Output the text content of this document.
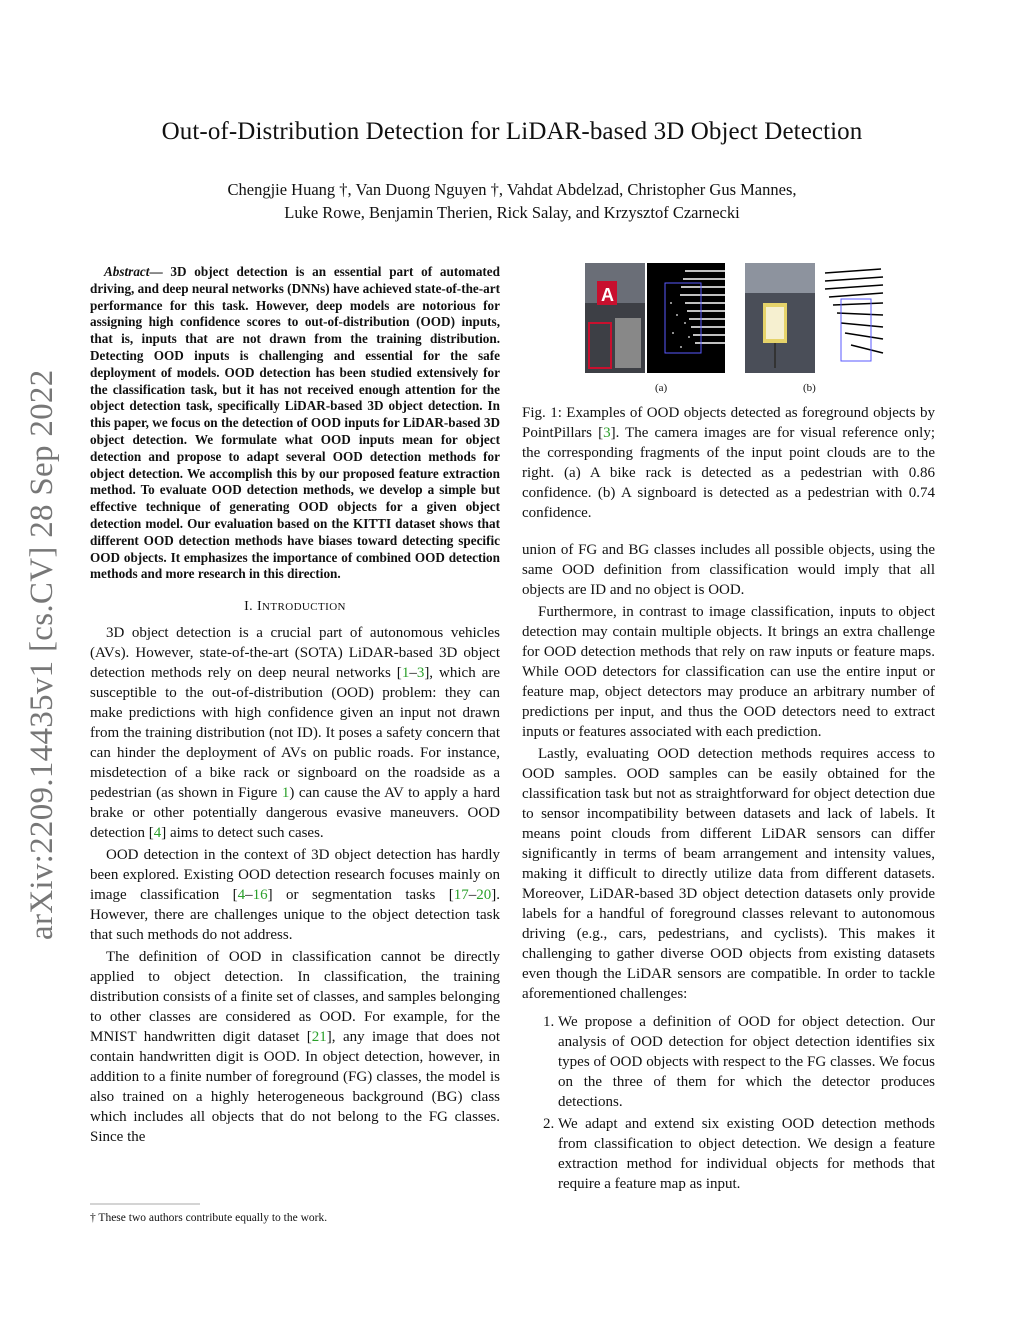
Out-of-Distribution Detection for LiDAR-based 3D Object Detection
Chengjie Huang †, Van Duong Nguyen †, Vahdat Abdelzad, Christopher Gus Mannes,
Luke Rowe, Benjamin Therien, Rick Salay, and Krzysztof Czarnecki
arXiv:2209.14435v1 [cs.CV] 28 Sep 2022

Abstract— 3D object detection is an essential part of automated driving, and deep neural networks (DNNs) have achieved state-of-the-art performance for this task. However, deep models are notorious for assigning high confidence scores to out-of-distribution (OOD) inputs, that is, inputs that are not drawn from the training distribution. Detecting OOD inputs is challenging and essential for the safe deployment of models. OOD detection has been studied extensively for the classification task, but it has not received enough attention for the object detection task, specifically LiDAR-based 3D object detection. In this paper, we focus on the detection of OOD inputs for LiDAR-based 3D object detection. We formulate what OOD inputs mean for object detection and propose to adapt several OOD detection methods for object detection. We accomplish this by our proposed feature extraction method. To evaluate OOD detection methods, we develop a simple but effective technique of generating OOD objects for a given object detection model. Our evaluation based on the KITTI dataset shows that different OOD detection methods have biases toward detecting specific OOD objects. It emphasizes the importance of combined OOD detection methods and more research in this direction.

I. INTRODUCTION

3D object detection is a crucial part of autonomous vehicles (AVs). However, state-of-the-art (SOTA) LiDAR-based 3D object detection methods rely on deep neural networks [1–3], which are susceptible to the out-of-distribution (OOD) problem: they can make predictions with high confidence given an input not drawn from the training distribution (not ID). It poses a safety concern that can hinder the deployment of AVs on public roads. For instance, misdetection of a bike rack or signboard on the roadside as a pedestrian (as shown in Figure 1) can cause the AV to apply a hard brake or other potentially dangerous evasive maneuvers. OOD detection [4] aims to detect such cases.

OOD detection in the context of 3D object detection has hardly been explored. Existing OOD detection research focuses mainly on image classification [4–16] or segmentation tasks [17–20]. However, there are challenges unique to the object detection task that such methods do not address.

The definition of OOD in classification cannot be directly applied to object detection. In classification, the training distribution consists of a finite set of classes, and samples belonging to other classes are considered as OOD. For example, for the MNIST handwritten digit dataset [21], any image that does not contain handwritten digit is OOD. In object detection, however, in addition to a finite number of foreground (FG) classes, the model is also trained on a highly heterogeneous background (BG) class which includes all objects that do not belong to the FG classes. Since the

† These two authors contribute equally to the work.
A
(a)	(b)

Fig. 1: Examples of OOD objects detected as foreground objects by PointPillars [3]. The camera images are for visual reference only; the corresponding fragments of the input point clouds are to the right. (a) A bike rack is detected as a pedestrian with 0.86 confidence. (b) A signboard is detected as a pedestrian with 0.74 confidence.

union of FG and BG classes includes all possible objects, using the same OOD definition from classification would imply that all objects are ID and no object is OOD.

Furthermore, in contrast to image classification, inputs to object detection may contain multiple objects. It brings an extra challenge for OOD detection methods that rely on raw inputs or feature maps. While OOD detectors for classification can use the entire input or feature map, object detectors may produce an arbitrary number of predictions per input, and thus the OOD detectors need to extract inputs or features associated with each prediction.

Lastly, evaluating OOD detection methods requires access to OOD samples. OOD samples can be easily obtained for the classification task but not as straightforward for object detection due to sensor incompatibility between datasets and lack of labels. It means point clouds from different LiDAR sensors can differ significantly in terms of beam arrangement and intensity values, making it difficult to directly utilize data from different datasets. Moreover, LiDAR-based 3D object detection datasets only provide labels for a handful of foreground classes relevant to autonomous driving (e.g., cars, pedestrians, and cyclists). This makes it challenging to gather diverse OOD objects from existing datasets even though the LiDAR sensors are compatible. In order to tackle aforementioned challenges:

1. We propose a definition of OOD for object detection. Our analysis of OOD detection for object detection identifies six types of OOD objects with respect to the FG classes. We focus on the three of them for which the detector produces detections.
2. We adapt and extend six existing OOD detection methods from classification to object detection. We design a feature extraction method for individual objects for methods that require a feature map as input.
